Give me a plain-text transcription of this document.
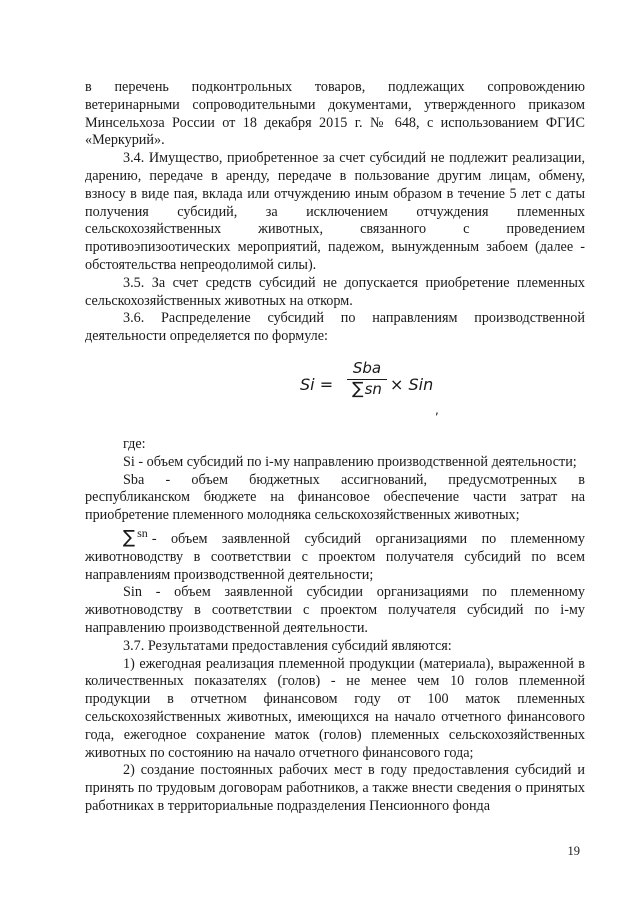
в перечень подконтрольных товаров, подлежащих сопровождению ветеринарными сопроводительными документами, утвержденного приказом Минсельхоза России от 18 декабря 2015 г. № 648, с использованием ФГИС «Меркурий».

3.4. Имущество, приобретенное за счет субсидий не подлежит реализации, дарению, передаче в аренду, передаче в пользование другим лицам, обмену, взносу в виде пая, вклада или отчуждению иным образом в течение 5 лет с даты получения субсидий, за исключением отчуждения племенных сельскохозяйственных животных, связанного с проведением противоэпизоотических мероприятий, падежом, вынужденным забоем (далее - обстоятельства непреодолимой силы).

3.5. За счет средств субсидий не допускается приобретение племенных сельскохозяйственных животных на откорм.

3.6. Распределение субсидий по направлениям производственной деятельности определяется по формуле:

Si =
Sba
∑sn × Sin
,

где:

Si - объем субсидий по i-му направлению производственной деятельности;

Sba - объем бюджетных ассигнований, предусмотренных в республиканском бюджете на финансовое обеспечение части затрат на приобретение племенного молодняка сельскохозяйственных животных;

∑ $^{sn}$ - объем заявленной субсидий организациями по племенному животноводству в соответствии с проектом получателя субсидий по всем направлениям производственной деятельности;

Sin - объем заявленной субсидии организациями по племенному животноводству в соответствии с проектом получателя субсидий по i-му направлению производственной деятельности.

3.7. Результатами предоставления субсидий являются:

1) ежегодная реализация племенной продукции (материала), выраженной в количественных показателях (голов) - не менее чем 10 голов племенной продукции в отчетном финансовом году от 100 маток племенных сельскохозяйственных животных, имеющихся на начало отчетного финансового года, ежегодное сохранение маток (голов) племенных сельскохозяйственных животных по состоянию на начало отчетного финансового года;

2) создание постоянных рабочих мест в году предоставления субсидий и принять по трудовым договорам работников, а также внести сведения о принятых работниках в территориальные подразделения Пенсионного фонда

19
